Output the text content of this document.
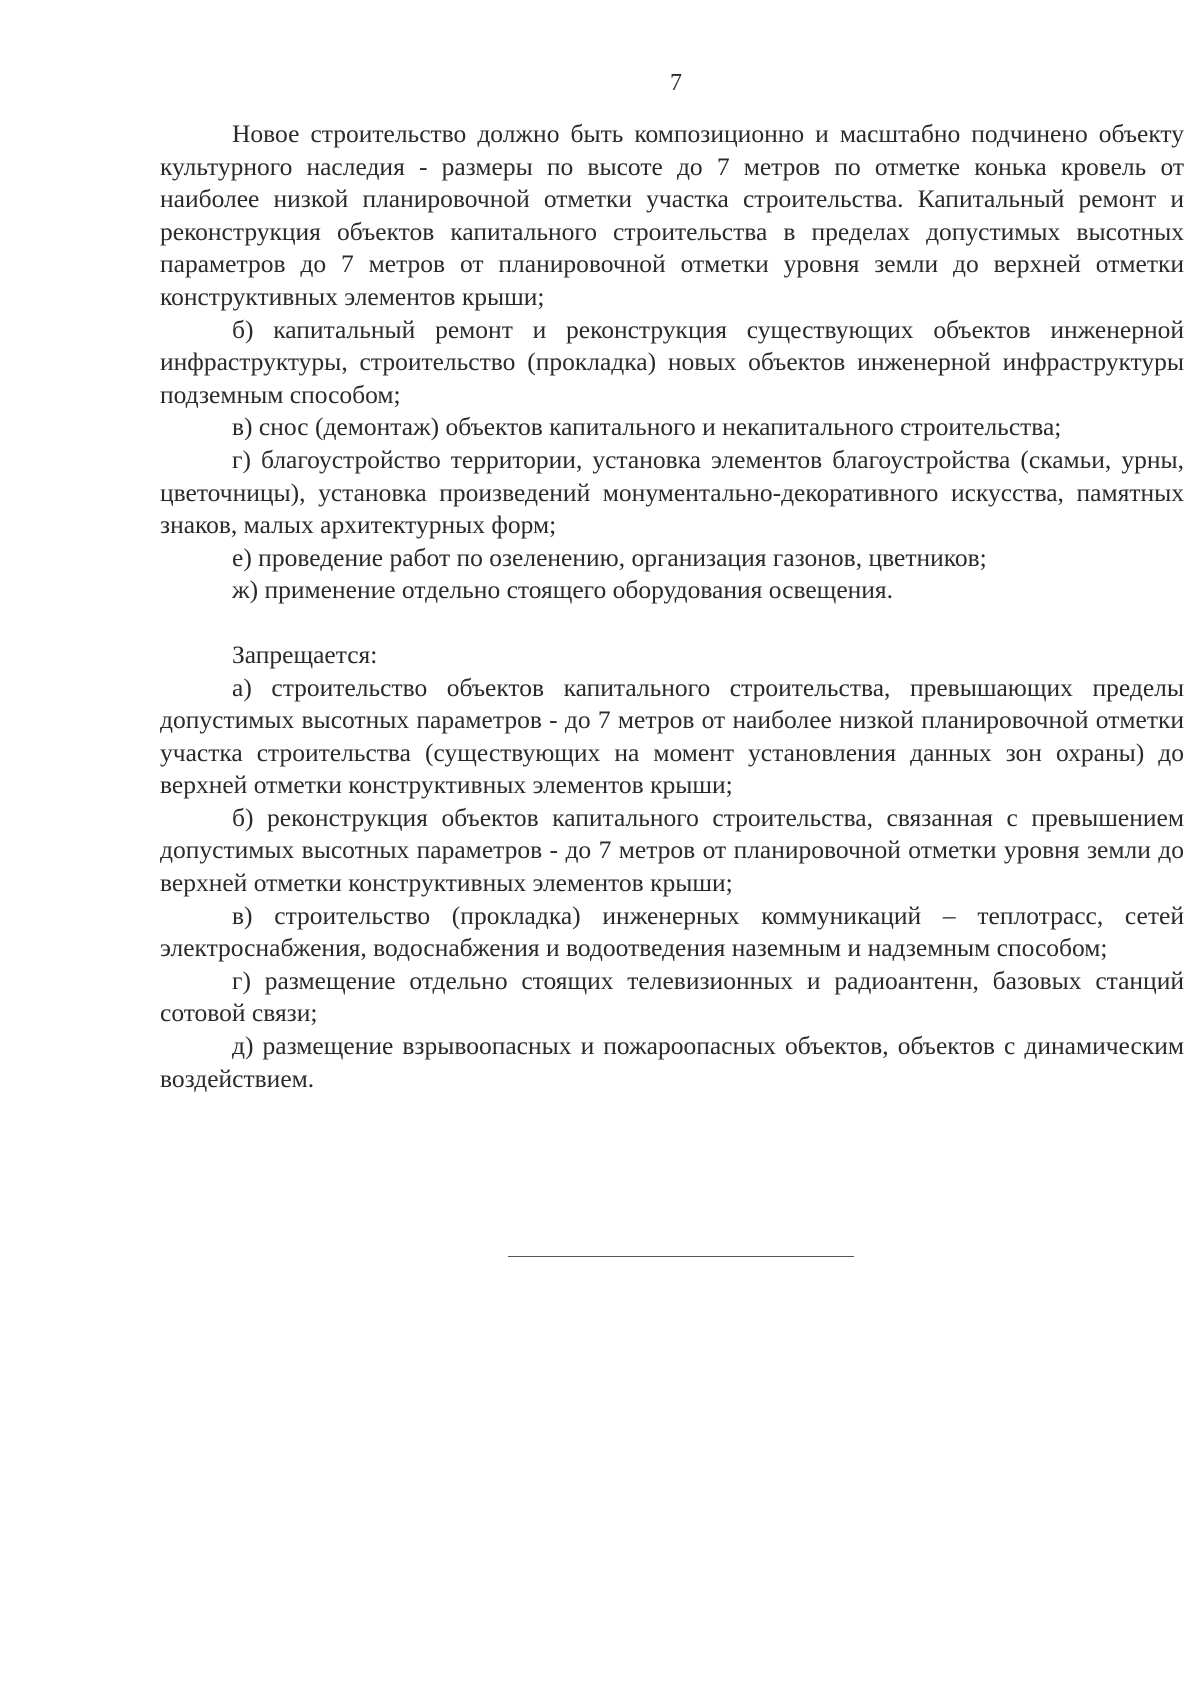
7

Новое строительство должно быть композиционно и масштабно подчинено объекту культурного наследия - размеры по высоте до 7 метров по отметке конька кровель от наиболее низкой планировочной отметки участка строительства. Капитальный ремонт и реконструкция объектов капитального строительства в пределах допустимых высотных параметров до 7 метров от планировочной отметки уровня земли до верхней отметки конструктивных элементов крыши;

б) капитальный ремонт и реконструкция существующих объектов инженерной инфраструктуры, строительство (прокладка) новых объектов инженерной инфраструктуры подземным способом;

в) снос (демонтаж) объектов капитального и некапитального строительства;

г) благоустройство территории, установка элементов благоустройства (скамьи, урны, цветочницы), установка произведений монументально-декоративного искусства, памятных знаков, малых архитектурных форм;

е) проведение работ по озеленению, организация газонов, цветников;

ж) применение отдельно стоящего оборудования освещения.

Запрещается:

а) строительство объектов капитального строительства, превышающих пределы допустимых высотных параметров - до 7 метров от наиболее низкой планировочной отметки участка строительства (существующих на момент установления данных зон охраны) до верхней отметки конструктивных элементов крыши;

б) реконструкция объектов капитального строительства, связанная с превышением допустимых высотных параметров - до 7 метров от планировочной отметки уровня земли до верхней отметки конструктивных элементов крыши;

в) строительство (прокладка) инженерных коммуникаций – теплотрасс, сетей электроснабжения, водоснабжения и водоотведения наземным и надземным способом;

г) размещение отдельно стоящих телевизионных и радиоантенн, базовых станций сотовой связи;

д) размещение взрывоопасных и пожароопасных объектов, объектов с динамическим воздействием.
